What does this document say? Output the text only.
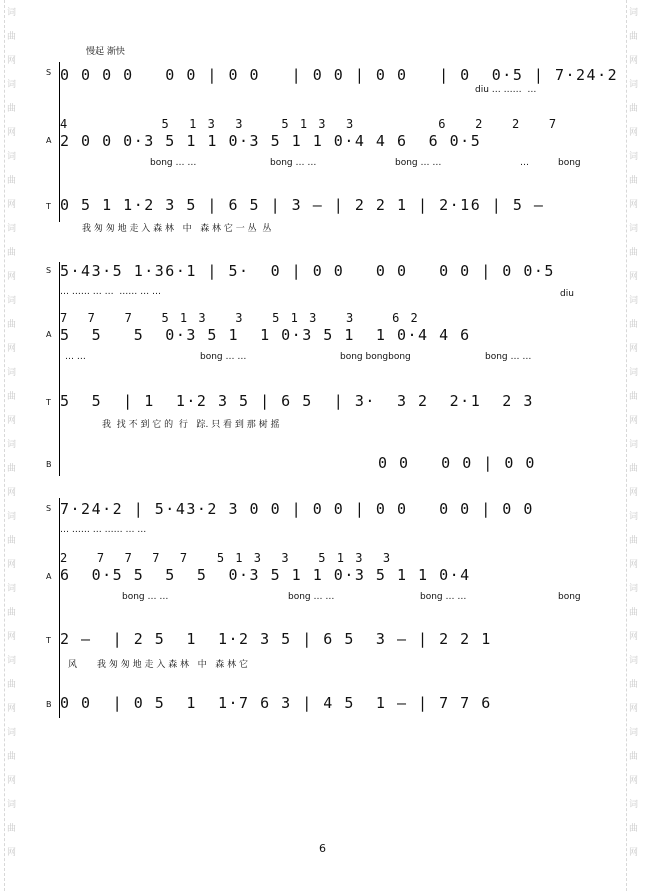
词
曲
网
词
曲
网
词
曲
网
词
曲
网
词
曲
网
词
曲
网
词
曲
网
词
曲
网
词
曲
网
词
曲
网
词
曲
网
词
曲
网
词
曲
网
词
曲
网
词
曲
网
词
曲
网
词
曲
网
词
曲
网
词
曲
网
词
曲
网
词
曲
网
词
曲
网
词
曲
网
词
曲
网
慢起 渐快
S 0 0 0 0   0 0 | 0 0   | 0 0 | 0 0   | 0  0·5 | 7·24·2
diu … ……  …
A
4          5  1 3  3    5 1 3  3         6   2   2   7
2 0 0 0·3 5 1 1 0·3 5 1 1 0·4 4 6  6 0·5
bong … …	bong … …	bong … …	…	bong
T 0 5 1 1·2 3 5 | 6 5 | 3 — | 2 2 1 | 2·16 | 5 —
我 匆 匆 地 走 入 森 林   中   森 林 它 一 丛  丛
S 5·43·5 1·36·1 | 5·  0 | 0 0   0 0   0 0 | 0 0·5
… …… … …  …… … …	diu
A
7  7   7   5 1 3   3   5 1 3   3    6 2
5  5   5  0·3 5 1  1 0·3 5 1  1 0·4 4 6
… …	bong … …	bong bongbong	bong … …
T 5  5  | 1  1·2 3 5 | 6 5  | 3·  3 2  2·1  2 3
我  找 不 到 它 的  行   踪. 只 看 到 那 树 摇
B	0 0   0 0 | 0 0
S 7·24·2 | 5·43·2 3 0 0 | 0 0 | 0 0   0 0 | 0 0
… …… … …… … …
A
2   7  7  7  7   5 1 3  3   5 1 3  3
6  0·5 5  5  5  0·3 5 1 1 0·3 5 1 1 0·4
bong … …	bong … …	bong … …	bong
T 2 —  | 2 5  1  1·2 3 5 | 6 5  3 — | 2 2 1
风       我 匆 匆 地 走 入 森 林   中   森 林 它
B 0 0  | 0 5  1  1·7 6 3 | 4 5  1 — | 7 7 6
6
